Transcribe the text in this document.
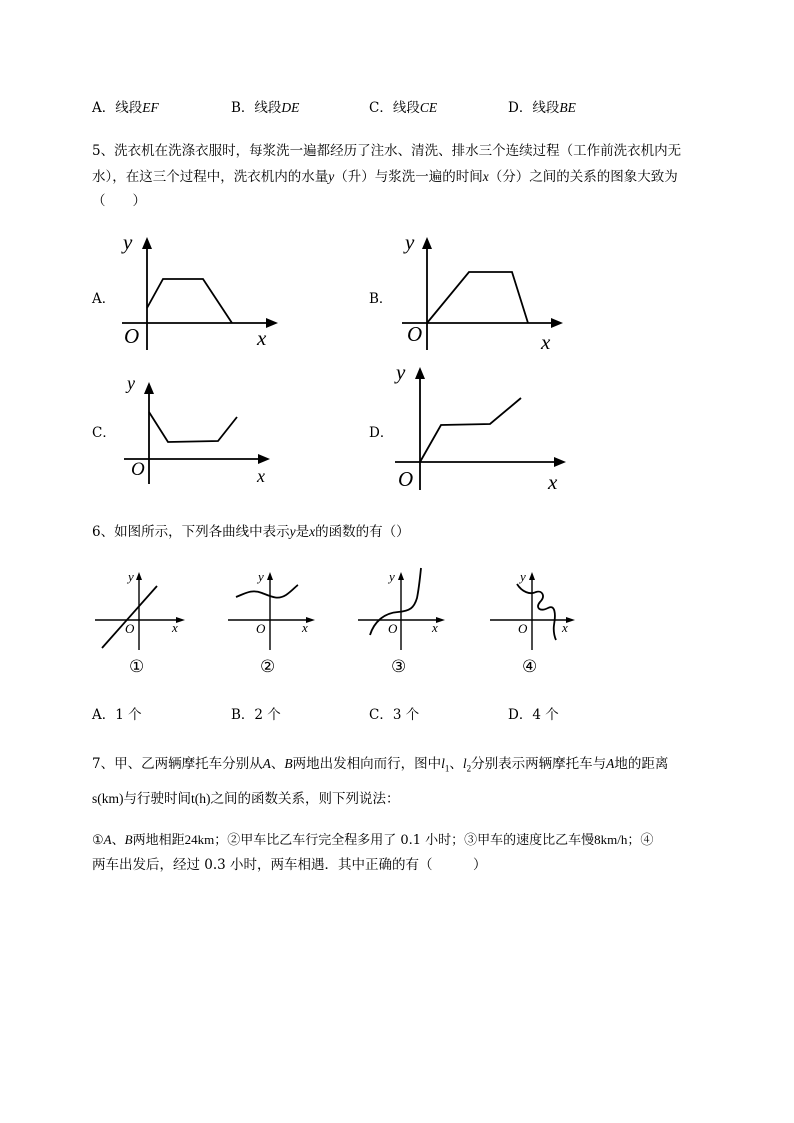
A．线段EF	B．线段DE	C．线段CE	D．线段BE
5、洗衣机在洗涤衣服时，每浆洗一遍都经历了注水、清洗、排水三个连续过程（工作前洗衣机内无
水），在这三个过程中，洗衣机内的水量y（升）与浆洗一遍的时间x（分）之间的关系的图象大致为
（　　）
A．	B．
C．	D．
y
O	x
y
O	x
y
O	x
y
O	x
6、如图所示，下列各曲线中表示y是x的函数的有（）
y
O	x
y
O	x
y
O	x
y
O	x
①	②	③	④
A．1 个	B．2 个	C．3 个	D．4 个
7、甲、乙两辆摩托车分别从A、B两地出发相向而行，图中$l_1$、$l_2$分别表示两辆摩托车与A地的距离
s(km)与行驶时间t(h)之间的函数关系，则下列说法：
①A、B两地相距24km；②甲车比乙车行完全程多用了 0.1 小时；③甲车的速度比乙车慢8km/h；④
两车出发后，经过 0.3 小时，两车相遇．其中正确的有（　　　）
